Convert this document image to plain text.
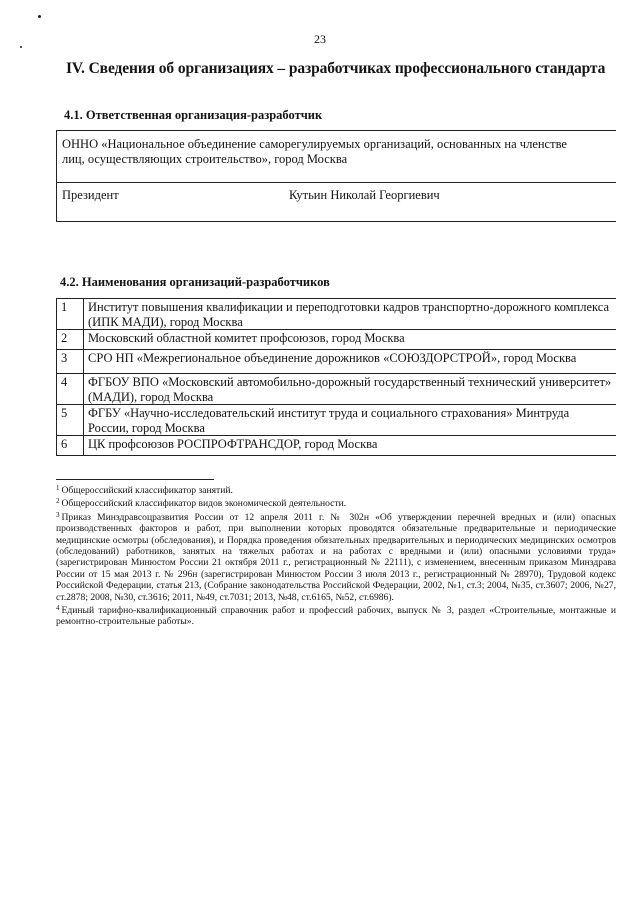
23
IV. Сведения об организациях – разработчиках профессионального стандарта
4.1. Ответственная организация-разработчик
ОННО «Национальное объединение саморегулируемых организаций, основанных на членстве лиц, осуществляющих строительство», город Москва
Президент	Кутьин Николай Георгиевич
4.2. Наименования организаций-разработчиков
1	Институт повышения квалификации и переподготовки кадров транспортно-дорожного комплекса (ИПК МАДИ), город Москва
2	Московский областной комитет профсоюзов, город Москва
3	СРО НП «Межрегиональное объединение дорожников «СОЮЗДОРСТРОЙ», город Москва
4	ФГБОУ ВПО «Московский автомобильно-дорожный государственный технический университет» (МАДИ), город Москва
5	ФГБУ «Научно-исследовательский институт труда и социального страхования» Минтруда России, город Москва
6	ЦК профсоюзов РОСПРОФТРАНСДОР, город Москва

$^1$ Общероссийский классификатор занятий.

$^2$ Общероссийский классификатор видов экономической деятельности.

$^3$ Приказ Минздравсоцразвития России от 12 апреля 2011 г. № 302н «Об утверждении перечней вредных и (или) опасных производственных факторов и работ, при выполнении которых проводятся обязательные предварительные и периодические медицинские осмотры (обследования), и Порядка проведения обязательных предварительных и периодических медицинских осмотров (обследований) работников, занятых на тяжелых работах и на работах с вредными и (или) опасными условиями труда» (зарегистрирован Минюстом России 21 октября 2011 г., регистрационный № 22111), с изменением, внесенным приказом Минздрава России от 15 мая 2013 г. № 296н (зарегистрирован Минюстом России 3 июля 2013 г., регистрационный № 28970), Трудовой кодекс Российской Федерации, статья 213, (Собрание законодательства Российской Федерации, 2002, №1, ст.3; 2004, №35, ст.3607; 2006, №27, ст.2878; 2008, №30, ст.3616; 2011, №49, ст.7031; 2013, №48, ст.6165, №52, ст.6986).

$^4$ Единый тарифно-квалификационный справочник работ и профессий рабочих, выпуск № 3, раздел «Строительные, монтажные и ремонтно-строительные работы».
